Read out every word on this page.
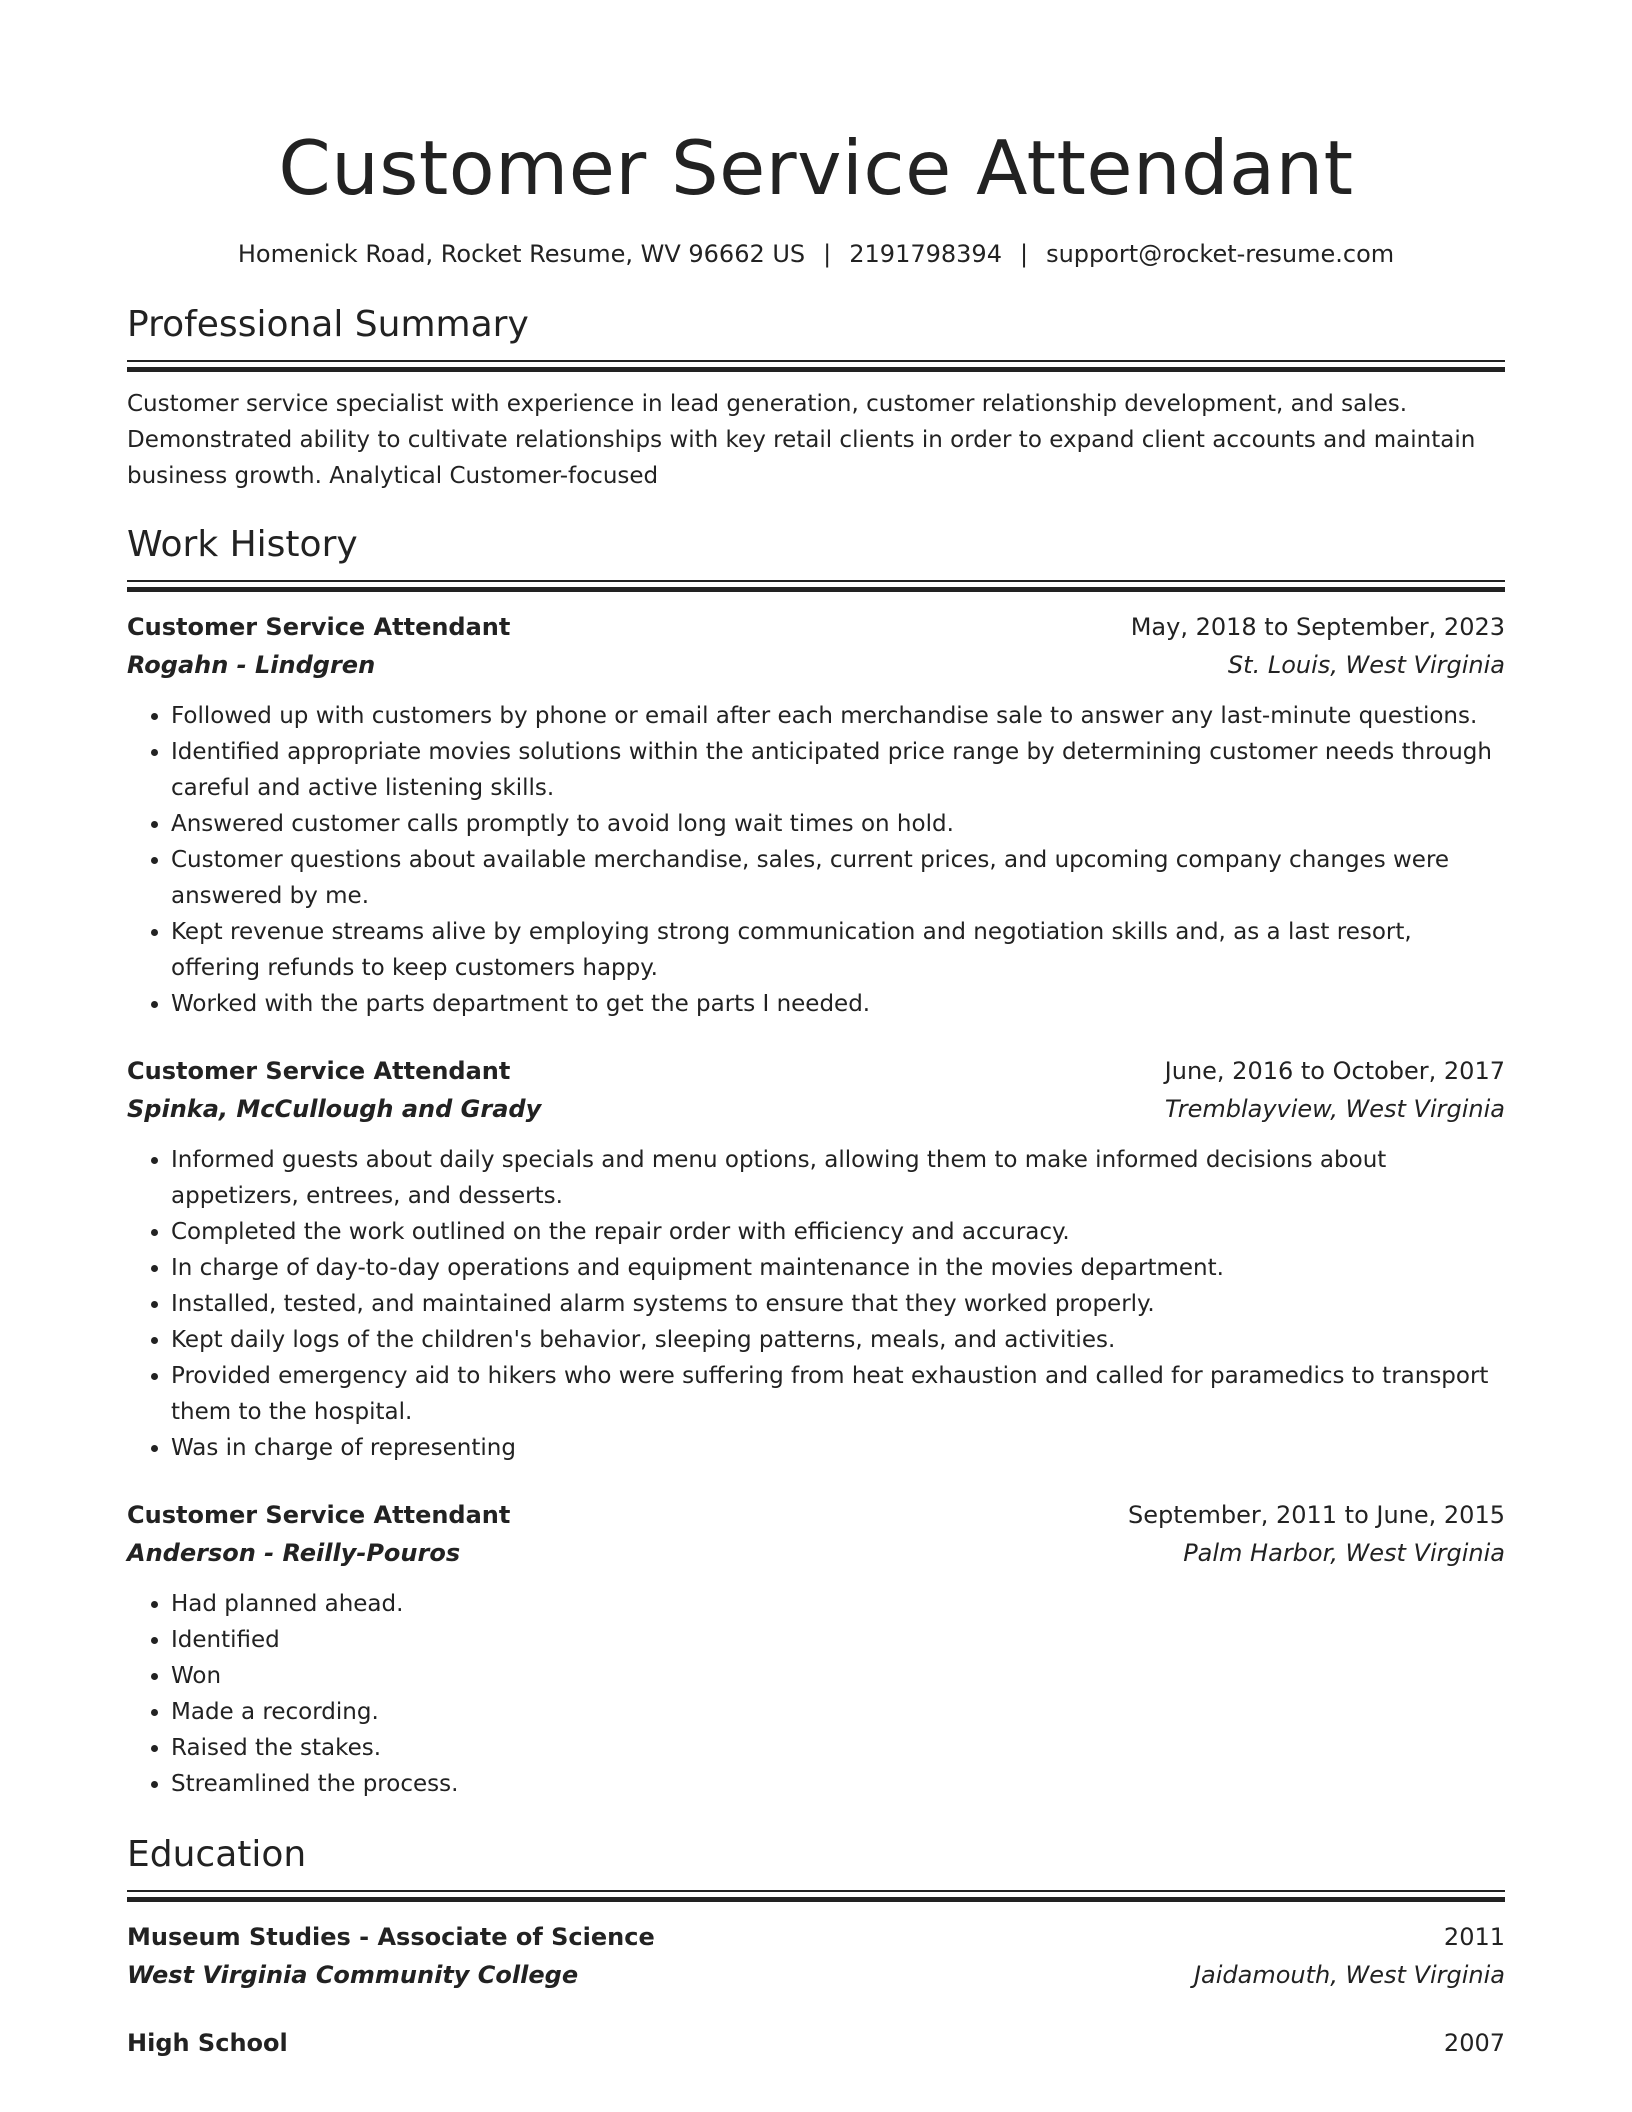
Customer Service Attendant
Homenick Road, Rocket Resume, WV 96662 US | 2191798394 | support@rocket-resume.com
Professional Summary

Customer service specialist with experience in lead generation, customer relationship development, and sales. Demonstrated ability to cultivate relationships with key retail clients in order to expand client accounts and maintain business growth. Analytical Customer-focused

Work History
Customer Service Attendant	May, 2018 to September, 2023
Rogahn - Lindgren	St. Louis, West Virginia
• Followed up with customers by phone or email after each merchandise sale to answer any last-minute questions.
• Identified appropriate movies solutions within the anticipated price range by determining customer needs through careful and active listening skills.
• Answered customer calls promptly to avoid long wait times on hold.
• Customer questions about available merchandise, sales, current prices, and upcoming company changes were answered by me.
• Kept revenue streams alive by employing strong communication and negotiation skills and, as a last resort, offering refunds to keep customers happy.
• Worked with the parts department to get the parts I needed.
Customer Service Attendant	June, 2016 to October, 2017
Spinka, McCullough and Grady	Tremblayview, West Virginia
• Informed guests about daily specials and menu options, allowing them to make informed decisions about appetizers, entrees, and desserts.
• Completed the work outlined on the repair order with efficiency and accuracy.
• In charge of day-to-day operations and equipment maintenance in the movies department.
• Installed, tested, and maintained alarm systems to ensure that they worked properly.
• Kept daily logs of the children's behavior, sleeping patterns, meals, and activities.
• Provided emergency aid to hikers who were suffering from heat exhaustion and called for paramedics to transport them to the hospital.
• Was in charge of representing
Customer Service Attendant	September, 2011 to June, 2015
Anderson - Reilly-Pouros	Palm Harbor, West Virginia
• Had planned ahead.
• Identified
• Won
• Made a recording.
• Raised the stakes.
• Streamlined the process.
Education
Museum Studies - Associate of Science	2011
West Virginia Community College	Jaidamouth, West Virginia
High School	2007
